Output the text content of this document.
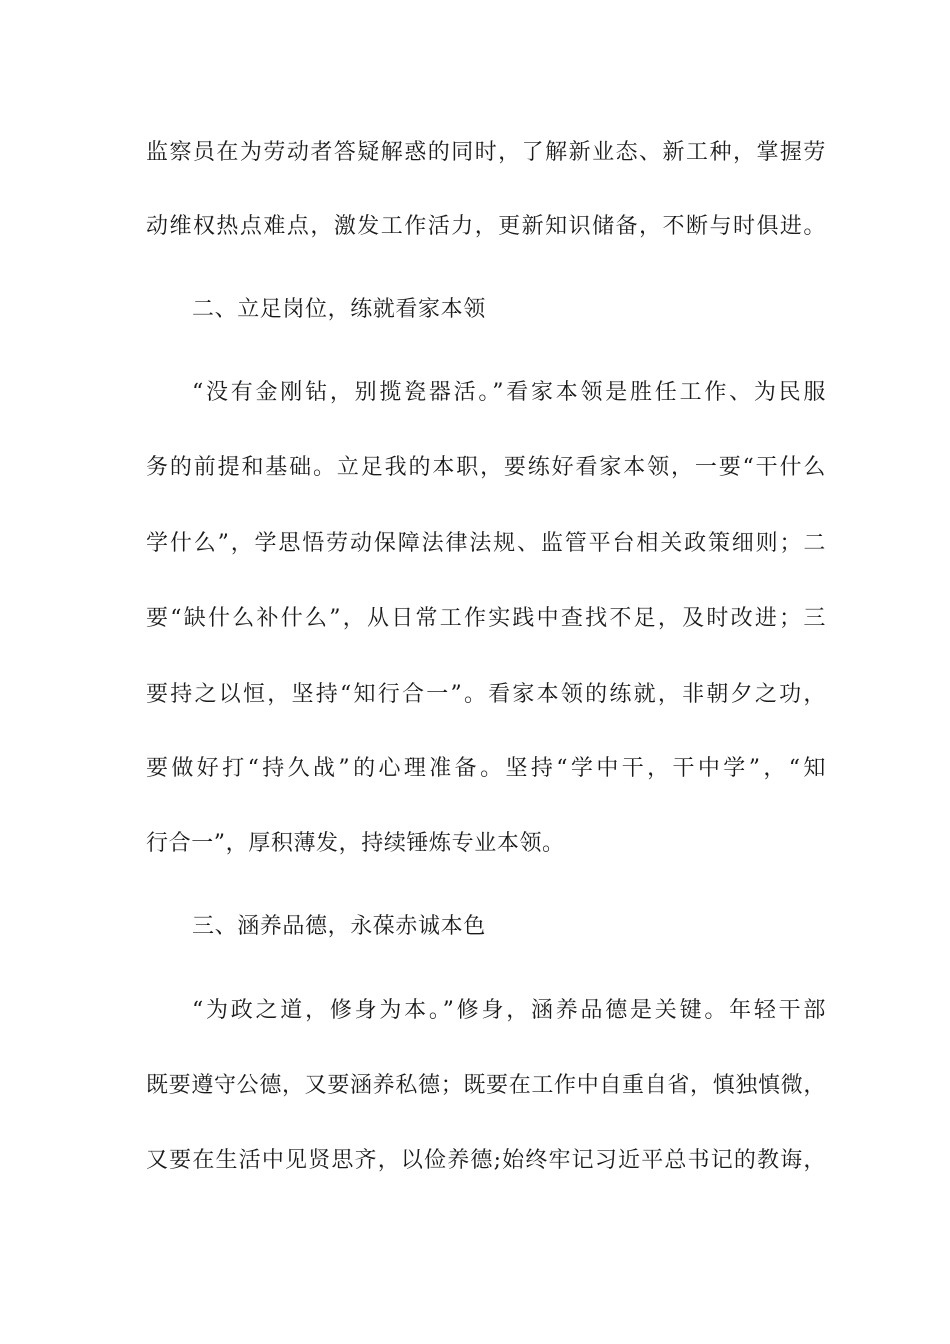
监察员在为劳动者答疑解惑的同时，了解新业态、新工种，掌握劳
动维权热点难点，激发工作活力，更新知识储备，不断与时俱进。
二、立足岗位，练就看家本领
“没有金刚钻，别揽瓷器活。”看家本领是胜任工作、为民服
务的前提和基础。立足我的本职，要练好看家本领，一要“干什么
学什么”，学思悟劳动保障法律法规、监管平台相关政策细则；二
要“缺什么补什么”，从日常工作实践中查找不足，及时改进；三
要持之以恒，坚持“知行合一”。看家本领的练就，非朝夕之功，
要做好打“持久战”的心理准备。坚持“学中干，干中学”，“知
行合一”，厚积薄发，持续锤炼专业本领。
三、涵养品德，永葆赤诚本色
“为政之道，修身为本。”修身，涵养品德是关键。年轻干部
既要遵守公德，又要涵养私德；既要在工作中自重自省，慎独慎微，
又要在生活中见贤思齐，以俭养德;始终牢记习近平总书记的教诲，
